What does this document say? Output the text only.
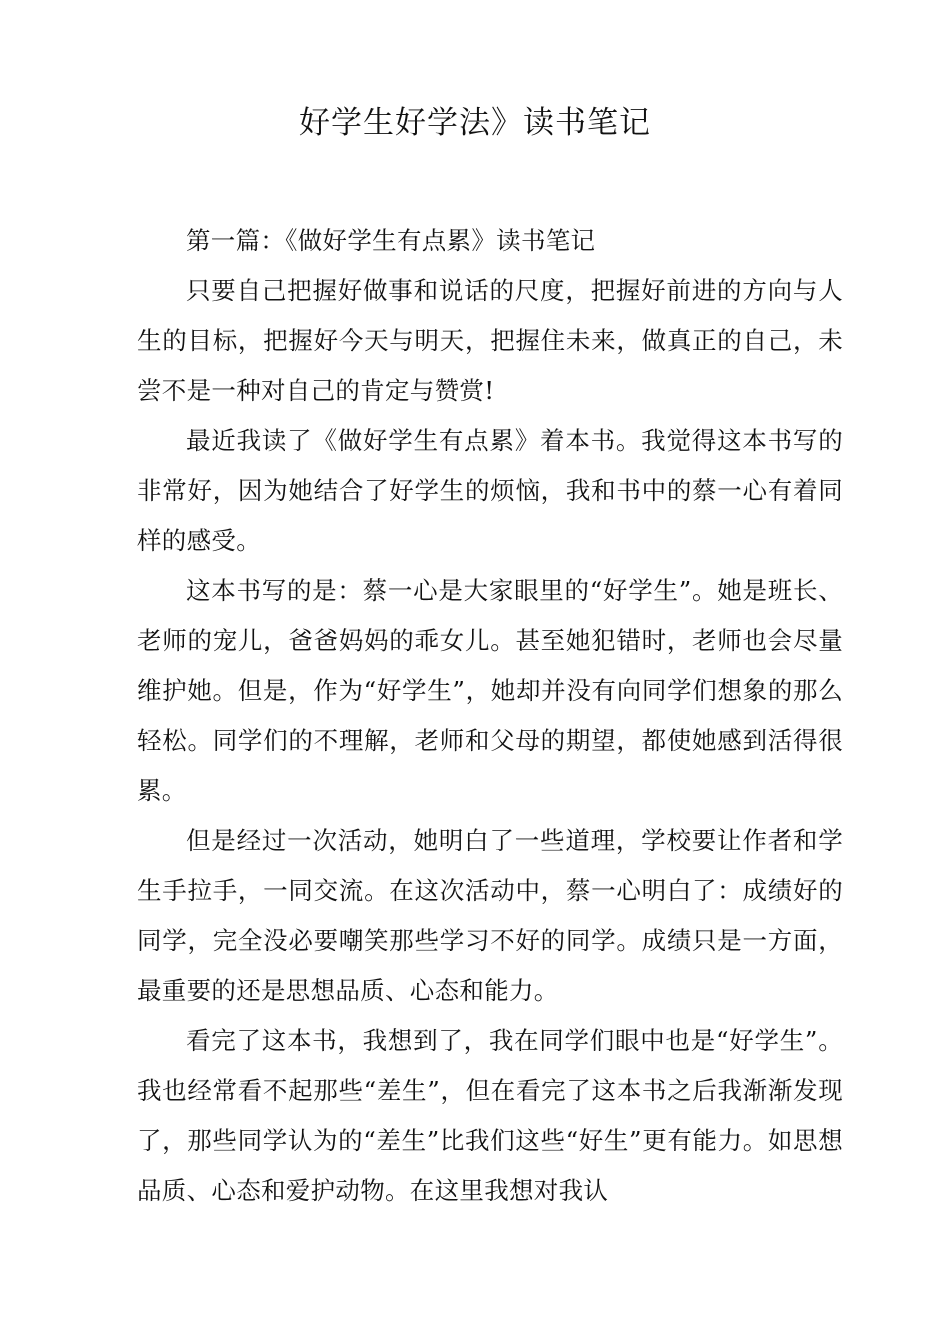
好学生好学法》读书笔记

第一篇：《做好学生有点累》读书笔记

只要自己把握好做事和说话的尺度，把握好前进的方向与人生的目标，把握好今天与明天，把握住未来，做真正的自己，未尝不是一种对自己的肯定与赞赏!

最近我读了《做好学生有点累》着本书。我觉得这本书写的非常好，因为她结合了好学生的烦恼，我和书中的蔡一心有着同样的感受。

这本书写的是：蔡一心是大家眼里的“好学生”。她是班长、老师的宠儿，爸爸妈妈的乖女儿。甚至她犯错时，老师也会尽量维护她。但是，作为“好学生”，她却并没有向同学们想象的那么轻松。同学们的不理解，老师和父母的期望，都使她感到活得很累。

但是经过一次活动，她明白了一些道理，学校要让作者和学生手拉手，一同交流。在这次活动中，蔡一心明白了：成绩好的同学，完全没必要嘲笑那些学习不好的同学。成绩只是一方面，最重要的还是思想品质、心态和能力。

看完了这本书，我想到了，我在同学们眼中也是“好学生”。我也经常看不起那些“差生”，但在看完了这本书之后我渐渐发现了，那些同学认为的“差生”比我们这些“好生”更有能力。如思想品质、心态和爱护动物。在这里我想对我认
